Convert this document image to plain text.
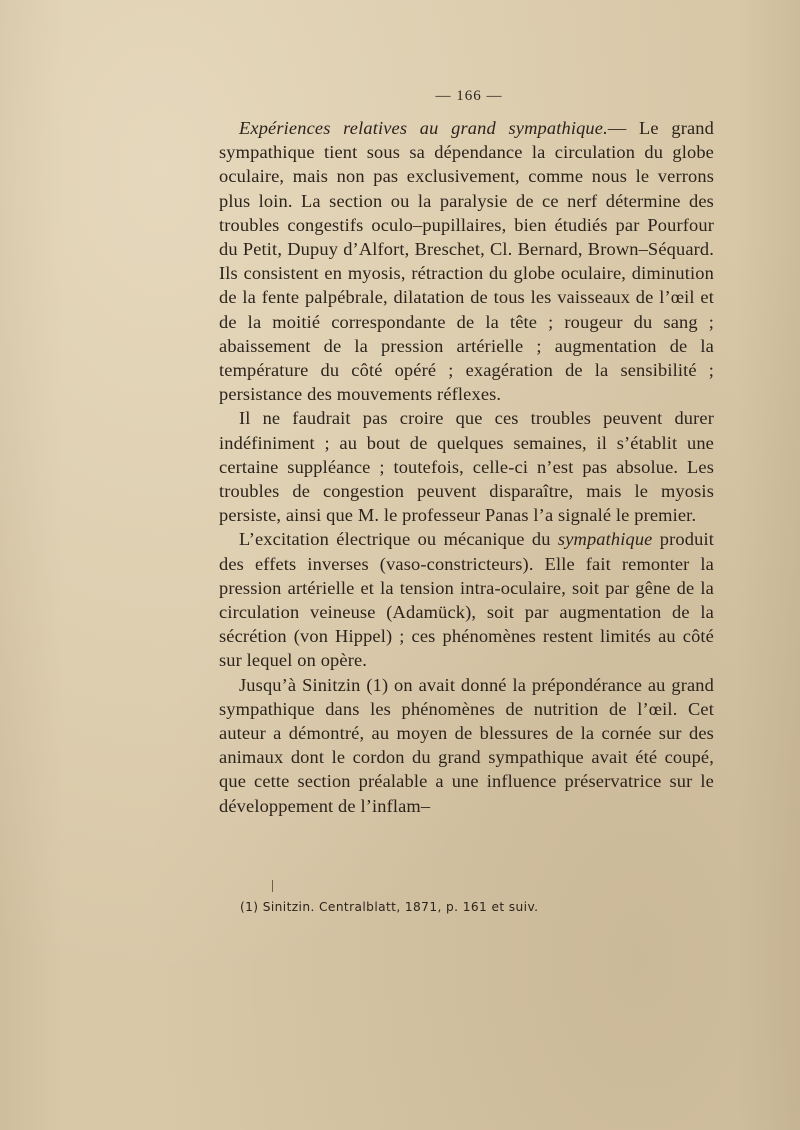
— 166 —

Expériences relatives au grand sympathique.— Le grand sympathique tient sous sa dépendance la circulation du globe oculaire, mais non pas exclusivement, comme nous le verrons plus loin. La section ou la paralysie de ce nerf détermine des troubles congestifs oculo–pupillaires, bien étudiés par Pourfour du Petit, Dupuy d’Alfort, Breschet, Cl. Bernard, Brown–Séquard. Ils consistent en myosis, rétraction du globe oculaire, diminution de la fente palpébrale, dilatation de tous les vaisseaux de l’œil et de la moitié correspondante de la tête ; rougeur du sang ; abaissement de la pression artérielle ; augmentation de la température du côté opéré ; exagération de la sensibilité ; persistance des mouvements réflexes.

Il ne faudrait pas croire que ces troubles peuvent durer indéfiniment ; au bout de quelques semaines, il s’établit une certaine suppléance ; toutefois, celle-ci n’est pas absolue. Les troubles de congestion peuvent disparaître, mais le myosis persiste, ainsi que M. le professeur Panas l’a signalé le premier.

L’excitation électrique ou mécanique du sympathique produit des effets inverses (vaso-constricteurs). Elle fait remonter la pression artérielle et la tension intra-oculaire, soit par gêne de la circulation veineuse (Adamück), soit par augmentation de la sécrétion (von Hippel) ; ces phénomènes restent limités au côté sur lequel on opère.

Jusqu’à Sinitzin (1) on avait donné la prépondérance au grand sympathique dans les phénomènes de nutrition de l’œil. Cet auteur a démontré, au moyen de blessures de la cornée sur des animaux dont le cordon du grand sympathique avait été coupé, que cette section préalable a une influence préservatrice sur le développement de l’inflam–

(1) Sinitzin. Centralblatt, 1871, p. 161 et suiv.
